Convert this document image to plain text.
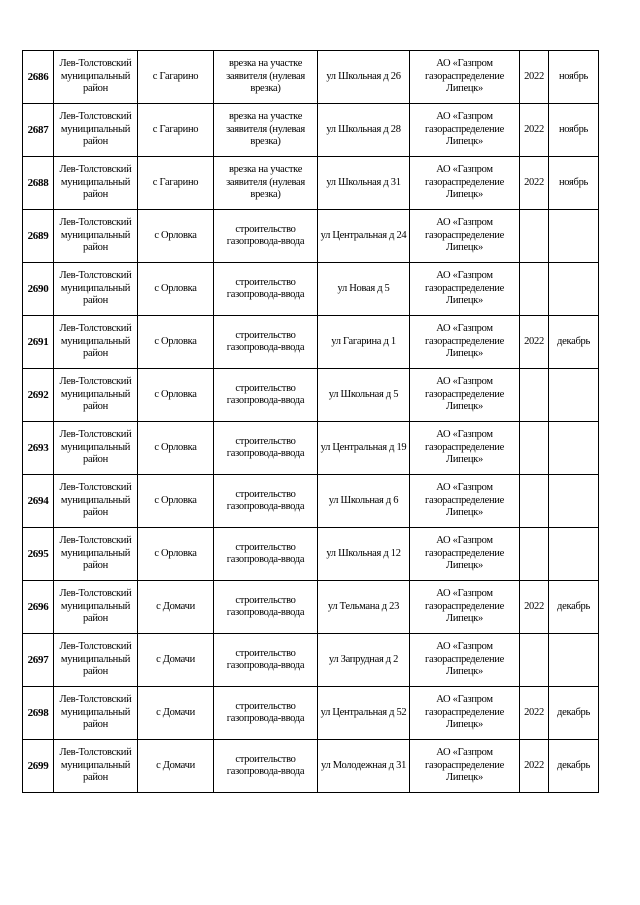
2686	Лев-Толстовский муниципальный район	с Гагарино	врезка на участке заявителя (нулевая врезка)	ул Школьная д 26	АО «Газпром газораспределение Липецк»	2022	ноябрь
2687	Лев-Толстовский муниципальный район	с Гагарино	врезка на участке заявителя (нулевая врезка)	ул Школьная д 28	АО «Газпром газораспределение Липецк»	2022	ноябрь
2688	Лев-Толстовский муниципальный район	с Гагарино	врезка на участке заявителя (нулевая врезка)	ул Школьная д 31	АО «Газпром газораспределение Липецк»	2022	ноябрь
2689	Лев-Толстовский муниципальный район	с Орловка	строительство газопровода-ввода	ул Центральная д 24	АО «Газпром газораспределение Липецк»		
2690	Лев-Толстовский муниципальный район	с Орловка	строительство газопровода-ввода	ул Новая д 5	АО «Газпром газораспределение Липецк»		
2691	Лев-Толстовский муниципальный район	с Орловка	строительство газопровода-ввода	ул Гагарина д 1	АО «Газпром газораспределение Липецк»	2022	декабрь
2692	Лев-Толстовский муниципальный район	с Орловка	строительство газопровода-ввода	ул Школьная д 5	АО «Газпром газораспределение Липецк»		
2693	Лев-Толстовский муниципальный район	с Орловка	строительство газопровода-ввода	ул Центральная д 19	АО «Газпром газораспределение Липецк»		
2694	Лев-Толстовский муниципальный район	с Орловка	строительство газопровода-ввода	ул Школьная д 6	АО «Газпром газораспределение Липецк»		
2695	Лев-Толстовский муниципальный район	с Орловка	строительство газопровода-ввода	ул Школьная д 12	АО «Газпром газораспределение Липецк»		
2696	Лев-Толстовский муниципальный район	с Домачи	строительство газопровода-ввода	ул Тельмана д 23	АО «Газпром газораспределение Липецк»	2022	декабрь
2697	Лев-Толстовский муниципальный район	с Домачи	строительство газопровода-ввода	ул Запрудная д 2	АО «Газпром газораспределение Липецк»		
2698	Лев-Толстовский муниципальный район	с Домачи	строительство газопровода-ввода	ул Центральная д 52	АО «Газпром газораспределение Липецк»	2022	декабрь
2699	Лев-Толстовский муниципальный район	с Домачи	строительство газопровода-ввода	ул Молодежная д 31	АО «Газпром газораспределение Липецк»	2022	декабрь
